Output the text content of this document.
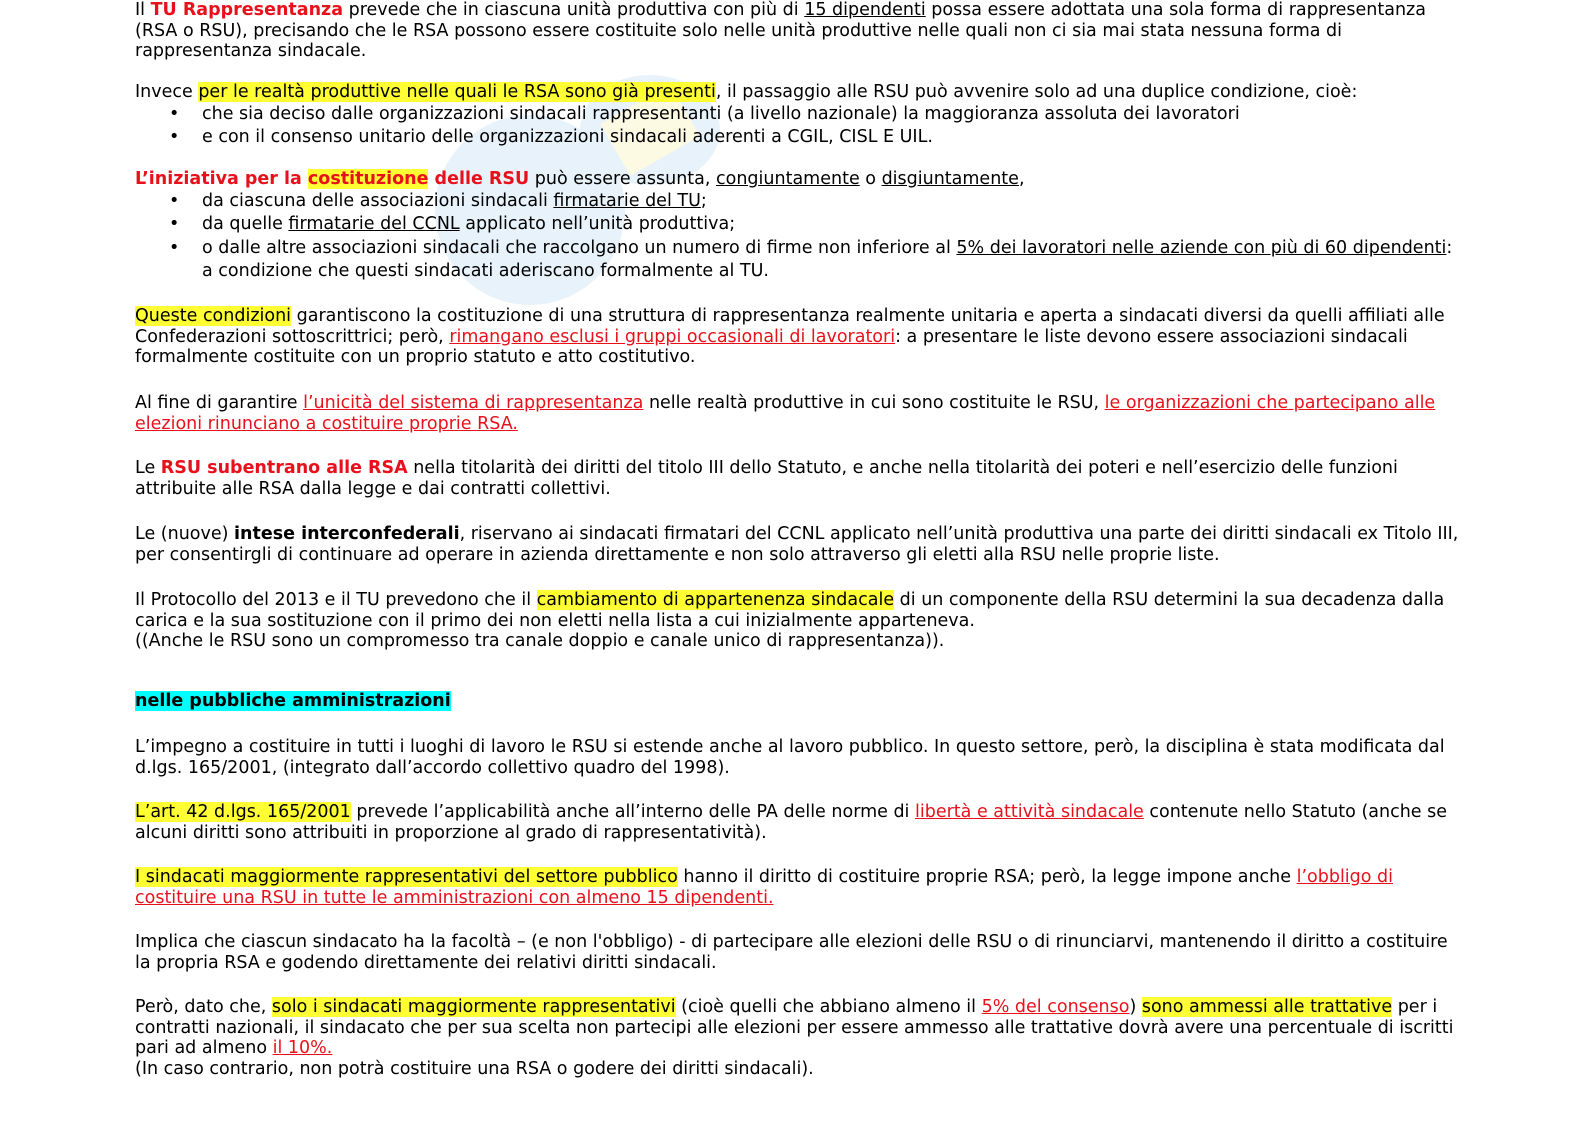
Il TU Rappresentanza prevede che in ciascuna unità produttiva con più di 15 dipendenti possa essere adottata una sola forma di rappresentanza (RSA o RSU), precisando che le RSA possono essere costituite solo nelle unità produttive nelle quali non ci sia mai stata nessuna forma di rappresentanza sindacale.

Invece per le realtà produttive nelle quali le RSA sono già presenti, il passaggio alle RSU può avvenire solo ad una duplice condizione, cioè:

• che sia deciso dalle organizzazioni sindacali rappresentanti (a livello nazionale) la maggioranza assoluta dei lavoratori
• e con il consenso unitario delle organizzazioni sindacali aderenti a CGIL, CISL E UIL.

L’iniziativa per la costituzione delle RSU può essere assunta, congiuntamente o disgiuntamente,

• da ciascuna delle associazioni sindacali firmatarie del TU;
• da quelle firmatarie del CCNL applicato nell’unità produttiva;
• o dalle altre associazioni sindacali che raccolgano un numero di firme non inferiore al 5% dei lavoratori nelle aziende con più di 60 dipendenti: a condizione che questi sindacati aderiscano formalmente al TU.

Queste condizioni garantiscono la costituzione di una struttura di rappresentanza realmente unitaria e aperta a sindacati diversi da quelli affiliati alle Confederazioni sottoscrittrici; però, rimangano esclusi i gruppi occasionali di lavoratori: a presentare le liste devono essere associazioni sindacali formalmente costituite con un proprio statuto e atto costitutivo.

Al fine di garantire l’unicità del sistema di rappresentanza nelle realtà produttive in cui sono costituite le RSU, le organizzazioni che partecipano alle elezioni rinunciano a costituire proprie RSA.

Le RSU subentrano alle RSA nella titolarità dei diritti del titolo III dello Statuto, e anche nella titolarità dei poteri e nell’esercizio delle funzioni attribuite alle RSA dalla legge e dai contratti collettivi.

Le (nuove) intese interconfederali, riservano ai sindacati firmatari del CCNL applicato nell’unità produttiva una parte dei diritti sindacali ex Titolo III, per consentirgli di continuare ad operare in azienda direttamente e non solo attraverso gli eletti alla RSU nelle proprie liste.

Il Protocollo del 2013 e il TU prevedono che il cambiamento di appartenenza sindacale di un componente della RSU determini la sua decadenza dalla carica e la sua sostituzione con il primo dei non eletti nella lista a cui inizialmente apparteneva.

((Anche le RSU sono un compromesso tra canale doppio e canale unico di rappresentanza)).

nelle pubbliche amministrazioni

L’impegno a costituire in tutti i luoghi di lavoro le RSU si estende anche al lavoro pubblico. In questo settore, però, la disciplina è stata modificata dal d.lgs. 165/2001, (integrato dall’accordo collettivo quadro del 1998).

L’art. 42 d.lgs. 165/2001 prevede l’applicabilità anche all’interno delle PA delle norme di libertà e attività sindacale contenute nello Statuto (anche se alcuni diritti sono attribuiti in proporzione al grado di rappresentatività).

I sindacati maggiormente rappresentativi del settore pubblico hanno il diritto di costituire proprie RSA; però, la legge impone anche l’obbligo di costituire una RSU in tutte le amministrazioni con almeno 15 dipendenti.

Implica che ciascun sindacato ha la facoltà – (e non l'obbligo) - di partecipare alle elezioni delle RSU o di rinunciarvi, mantenendo il diritto a costituire la propria RSA e godendo direttamente dei relativi diritti sindacali.

Però, dato che, solo i sindacati maggiormente rappresentativi (cioè quelli che abbiano almeno il 5% del consenso) sono ammessi alle trattative per i contratti nazionali, il sindacato che per sua scelta non partecipi alle elezioni per essere ammesso alle trattative dovrà avere una percentuale di iscritti pari ad almeno il 10%.

(In caso contrario, non potrà costituire una RSA o godere dei diritti sindacali).
